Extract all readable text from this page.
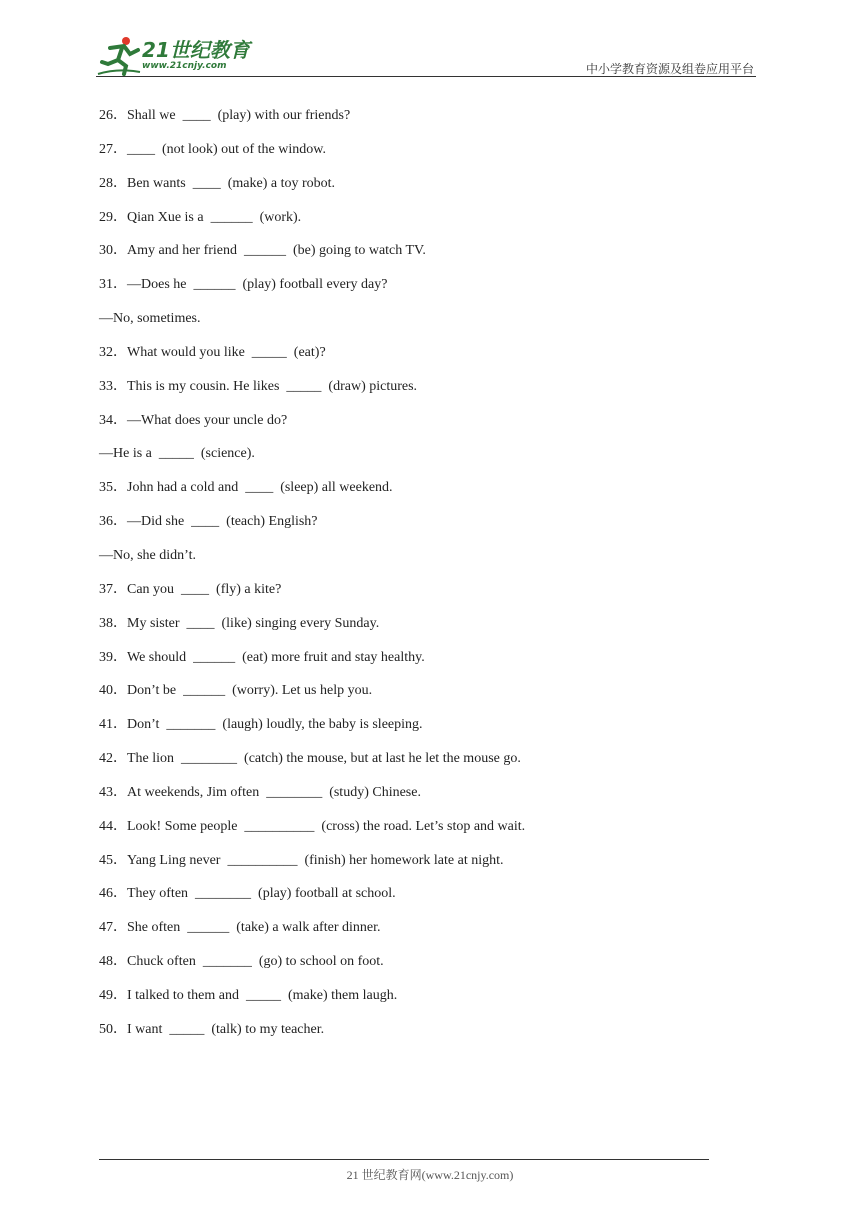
21世纪教育
www.21cnjy.com	中小学教育资源及组卷应用平台
26．Shall we  ____  (play) with our friends?
27．____  (not look) out of the window.
28．Ben wants  ____  (make) a toy robot.
29．Qian Xue is a  ______  (work).
30．Amy and her friend  ______  (be) going to watch TV.
31．—Does he  ______  (play) football every day?
—No, sometimes.
32．What would you like  _____  (eat)?
33．This is my cousin. He likes  _____  (draw) pictures.
34．—What does your uncle do?
—He is a  _____  (science).
35．John had a cold and  ____  (sleep) all weekend.
36．—Did she  ____  (teach) English?
—No, she didn’t.
37．Can you  ____  (fly) a kite?
38．My sister  ____  (like) singing every Sunday.
39．We should  ______  (eat) more fruit and stay healthy.
40．Don’t be  ______  (worry). Let us help you.
41．Don’t  _______  (laugh) loudly, the baby is sleeping.
42．The lion  ________  (catch) the mouse, but at last he let the mouse go.
43．At weekends, Jim often  ________  (study) Chinese.
44．Look! Some people  __________  (cross) the road. Let’s stop and wait.
45．Yang Ling never  __________  (finish) her homework late at night.
46．They often  ________  (play) football at school.
47．She often  ______  (take) a walk after dinner.
48．Chuck often  _______  (go) to school on foot.
49．I talked to them and  _____  (make) them laugh.
50．I want  _____  (talk) to my teacher.
21 世纪教育网(www.21cnjy.com)
